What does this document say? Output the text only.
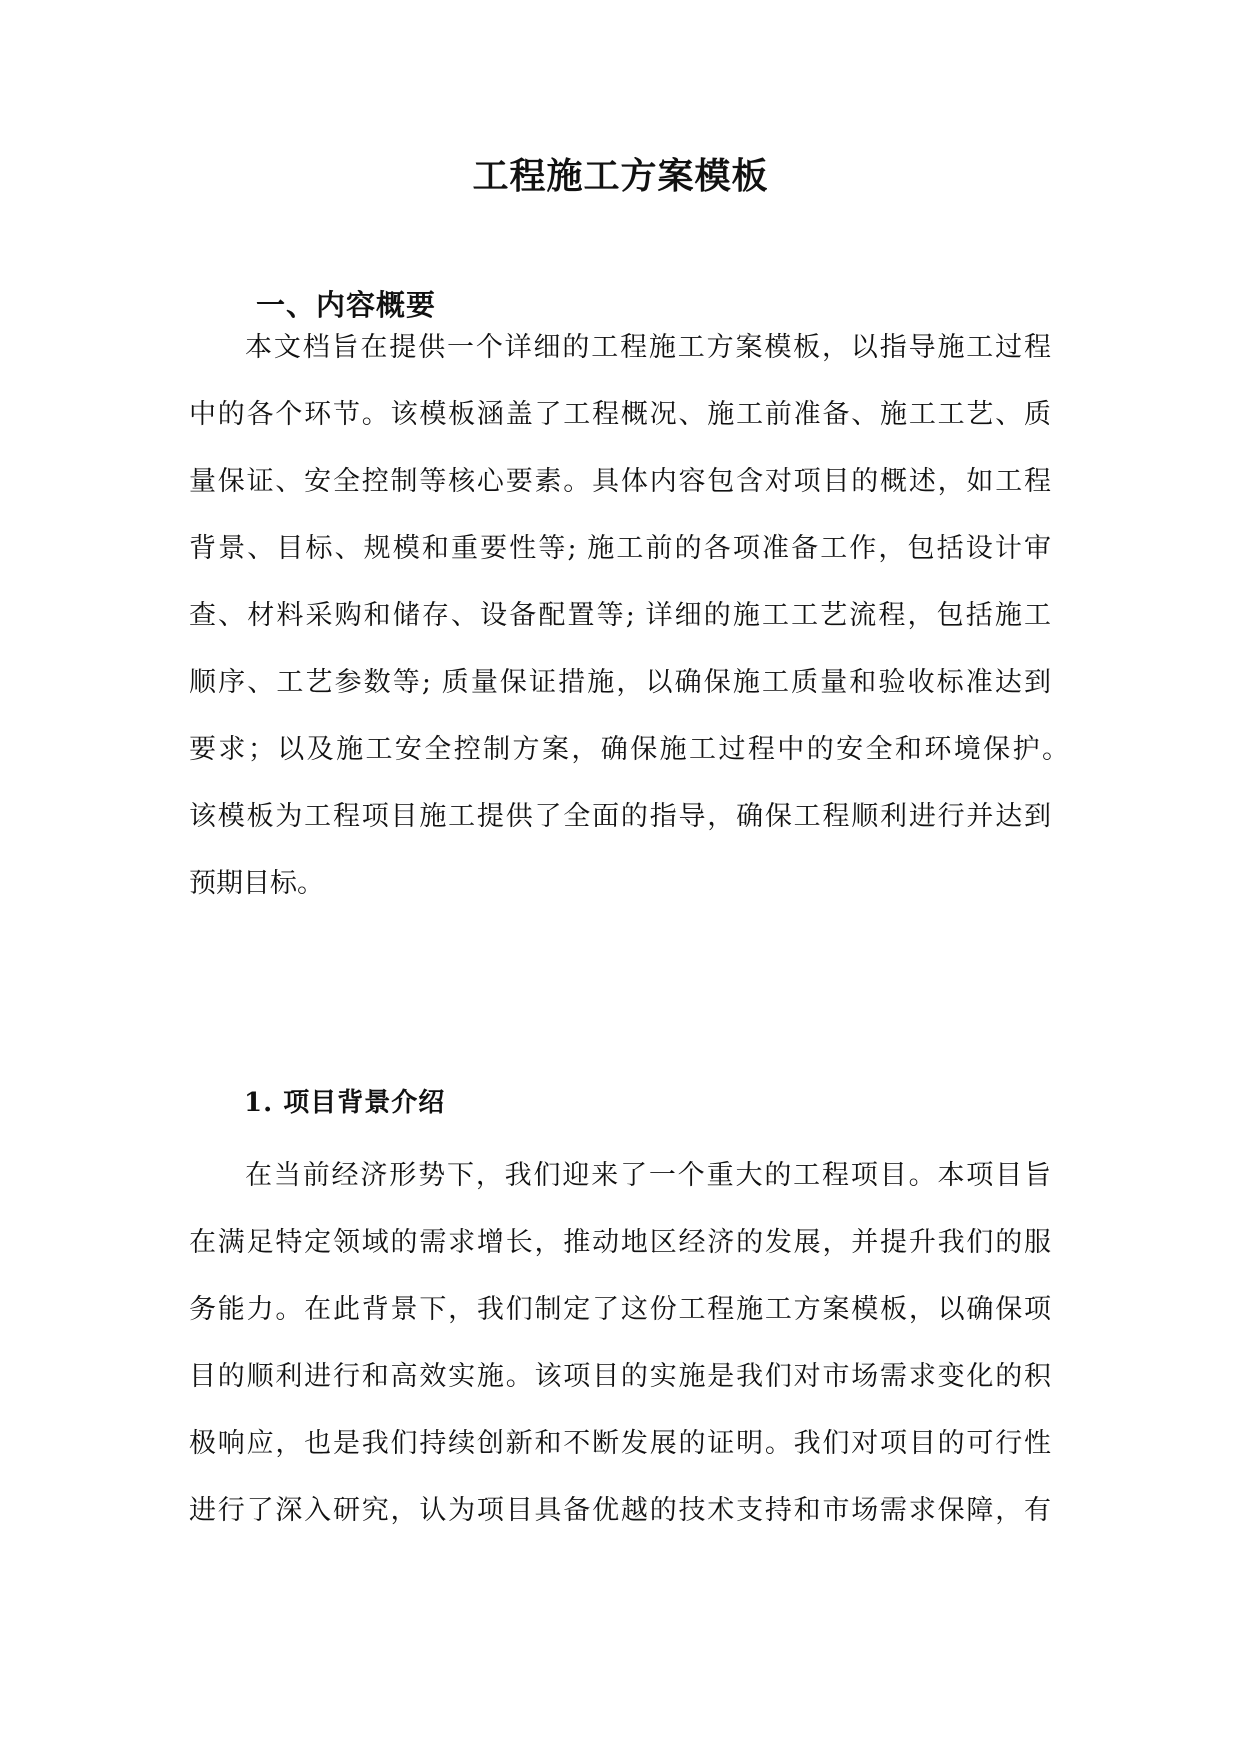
工程施工方案模板
一、内容概要

本文档旨在提供一个详细的工程施工方案模板，以指导施工过程

中的各个环节。该模板涵盖了工程概况、施工前准备、施工工艺、质

量保证、安全控制等核心要素。具体内容包含对项目的概述，如工程

背景、目标、规模和重要性等; 施工前的各项准备工作，包括设计审

查、材料采购和储存、设备配置等; 详细的施工工艺流程，包括施工

顺序、工艺参数等; 质量保证措施，以确保施工质量和验收标准达到

要求；以及施工安全控制方案，确保施工过程中的安全和环境保护。

该模板为工程项目施工提供了全面的指导，确保工程顺利进行并达到

预期目标。

1. 项目背景介绍

在当前经济形势下，我们迎来了一个重大的工程项目。本项目旨

在满足特定领域的需求增长，推动地区经济的发展，并提升我们的服

务能力。在此背景下，我们制定了这份工程施工方案模板，以确保项

目的顺利进行和高效实施。该项目的实施是我们对市场需求变化的积

极响应，也是我们持续创新和不断发展的证明。我们对项目的可行性

进行了深入研究，认为项目具备优越的技术支持和市场需求保障，有
